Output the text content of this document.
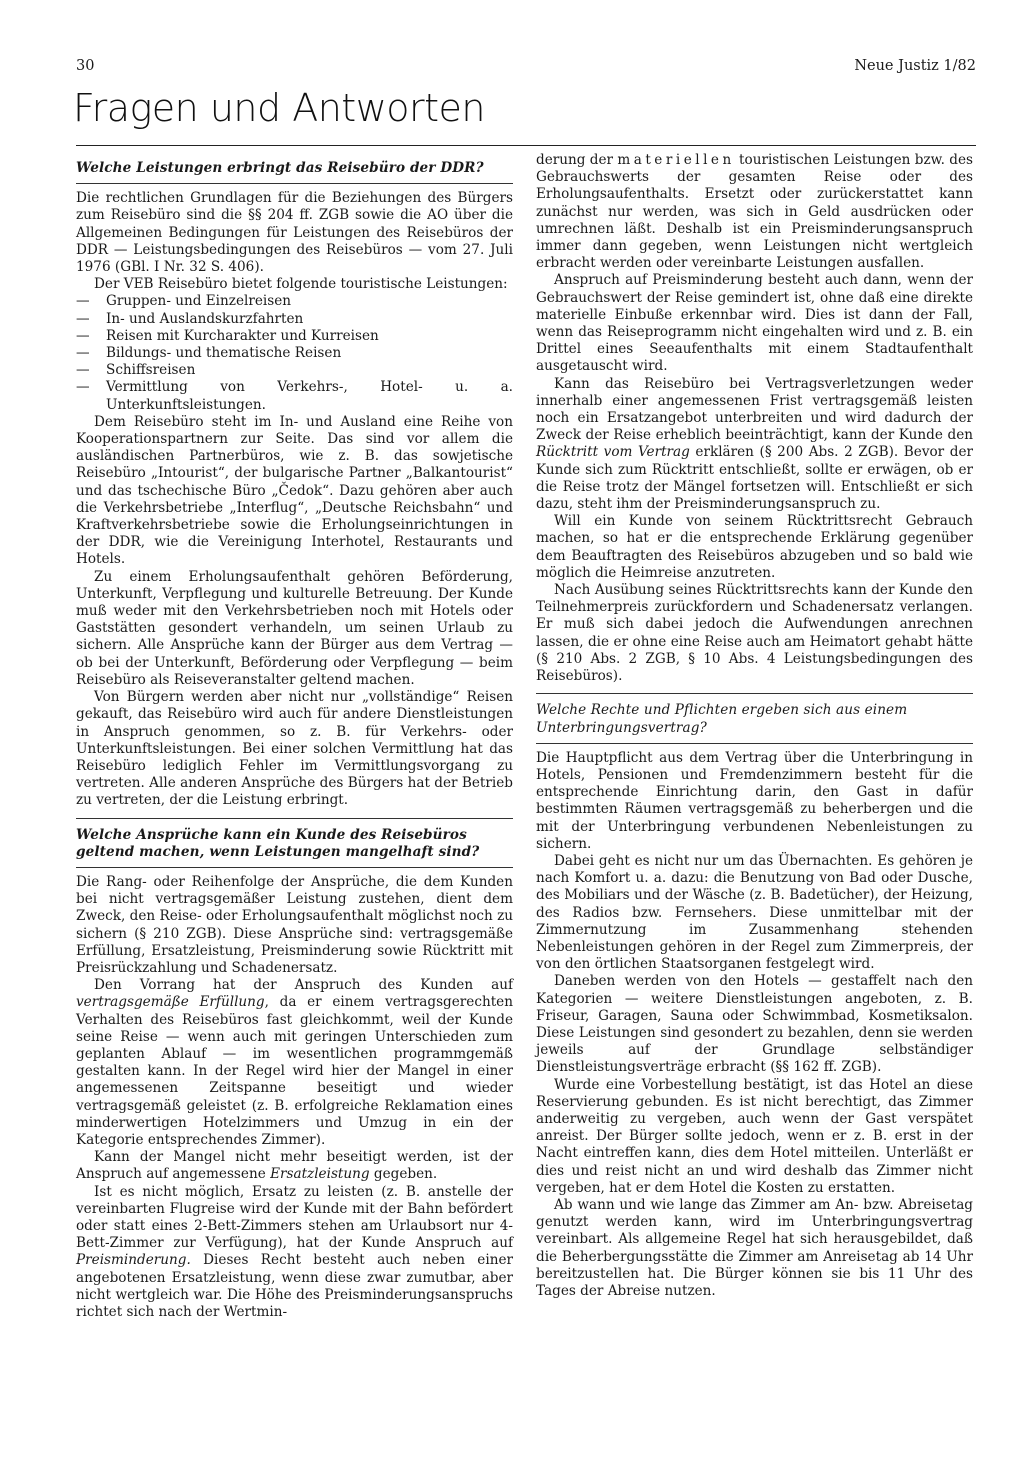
30	Neue Justiz 1/82
Fragen und Antworten
Welche Leistungen erbringt das Reisebüro der DDR?

Die rechtlichen Grundlagen für die Beziehungen des Bürgers zum Reisebüro sind die §§ 204 ff. ZGB sowie die AO über die Allgemeinen Bedingungen für Leistungen des Reisebüros der DDR — Leistungsbedingungen des Reisebüros — vom 27. Juli 1976 (GBl. I Nr. 32 S. 406).

Der VEB Reisebüro bietet folgende touristische Leistungen:

— Gruppen- und Einzelreisen
— In- und Auslandskurzfahrten
— Reisen mit Kurcharakter und Kurreisen
— Bildungs- und thematische Reisen
— Schiffsreisen
— Vermittlung von Verkehrs-, Hotel- u. a. Unterkunftsleistungen.

Dem Reisebüro steht im In- und Ausland eine Reihe von Kooperationspartnern zur Seite. Das sind vor allem die ausländischen Partnerbüros, wie z. B. das sowjetische Reisebüro „Intourist“, der bulgarische Partner „Balkantourist“ und das tschechische Büro „Čedok“. Dazu gehören aber auch die Verkehrsbetriebe „Interflug“, „Deutsche Reichsbahn“ und Kraftverkehrsbetriebe sowie die Erholungseinrichtungen in der DDR, wie die Vereinigung Interhotel, Restaurants und Hotels.

Zu einem Erholungsaufenthalt gehören Beförderung, Unterkunft, Verpflegung und kulturelle Betreuung. Der Kunde muß weder mit den Verkehrsbetrieben noch mit Hotels oder Gaststätten gesondert verhandeln, um seinen Urlaub zu sichern. Alle Ansprüche kann der Bürger aus dem Vertrag — ob bei der Unterkunft, Beförderung oder Verpflegung — beim Reisebüro als Reiseveranstalter geltend machen.

Von Bürgern werden aber nicht nur „vollständige“ Reisen gekauft, das Reisebüro wird auch für andere Dienstleistungen in Anspruch genommen, so z. B. für Verkehrs- oder Unterkunftsleistungen. Bei einer solchen Vermittlung hat das Reisebüro lediglich Fehler im Vermittlungsvorgang zu vertreten. Alle anderen Ansprüche des Bürgers hat der Betrieb zu vertreten, der die Leistung erbringt.

Welche Ansprüche kann ein Kunde des Reisebüros geltend machen, wenn Leistungen mangelhaft sind?

Die Rang- oder Reihenfolge der Ansprüche, die dem Kunden bei nicht vertragsgemäßer Leistung zustehen, dient dem Zweck, den Reise- oder Erholungsaufenthalt möglichst noch zu sichern (§ 210 ZGB). Diese Ansprüche sind: vertragsgemäße Erfüllung, Ersatzleistung, Preisminderung sowie Rücktritt mit Preisrückzahlung und Schadenersatz.

Den Vorrang hat der Anspruch des Kunden auf vertragsgemäße Erfüllung, da er einem vertragsgerechten Verhalten des Reisebüros fast gleichkommt, weil der Kunde seine Reise — wenn auch mit geringen Unterschieden zum geplanten Ablauf — im wesentlichen programmgemäß gestalten kann. In der Regel wird hier der Mangel in einer angemessenen Zeitspanne beseitigt und wieder vertragsgemäß geleistet (z. B. erfolgreiche Reklamation eines minderwertigen Hotelzimmers und Umzug in ein der Kategorie entsprechendes Zimmer).

Kann der Mangel nicht mehr beseitigt werden, ist der Anspruch auf angemessene Ersatzleistung gegeben.

Ist es nicht möglich, Ersatz zu leisten (z. B. anstelle der vereinbarten Flugreise wird der Kunde mit der Bahn befördert oder statt eines 2-Bett-Zimmers stehen am Urlaubsort nur 4-Bett-Zimmer zur Verfügung), hat der Kunde Anspruch auf Preisminderung. Dieses Recht besteht auch neben einer angebotenen Ersatzleistung, wenn diese zwar zumutbar, aber nicht wertgleich war. Die Höhe des Preisminderungsanspruchs richtet sich nach der Wertmin-

derung der materiellen touristischen Leistungen bzw. des Gebrauchswerts der gesamten Reise oder des Erholungsaufenthalts. Ersetzt oder zurückerstattet kann zunächst nur werden, was sich in Geld ausdrücken oder umrechnen läßt. Deshalb ist ein Preisminderungsanspruch immer dann gegeben, wenn Leistungen nicht wertgleich erbracht werden oder vereinbarte Leistungen ausfallen.

Anspruch auf Preisminderung besteht auch dann, wenn der Gebrauchswert der Reise gemindert ist, ohne daß eine direkte materielle Einbuße erkennbar wird. Dies ist dann der Fall, wenn das Reiseprogramm nicht eingehalten wird und z. B. ein Drittel eines Seeaufenthalts mit einem Stadtaufenthalt ausgetauscht wird.

Kann das Reisebüro bei Vertragsverletzungen weder innerhalb einer angemessenen Frist vertragsgemäß leisten noch ein Ersatzangebot unterbreiten und wird dadurch der Zweck der Reise erheblich beeinträchtigt, kann der Kunde den Rücktritt vom Vertrag erklären (§ 200 Abs. 2 ZGB). Bevor der Kunde sich zum Rücktritt entschließt, sollte er erwägen, ob er die Reise trotz der Mängel fortsetzen will. Entschließt er sich dazu, steht ihm der Preisminderungsanspruch zu.

Will ein Kunde von seinem Rücktrittsrecht Gebrauch machen, so hat er die entsprechende Erklärung gegenüber dem Beauftragten des Reisebüros abzugeben und so bald wie möglich die Heimreise anzutreten.

Nach Ausübung seines Rücktrittsrechts kann der Kunde den Teilnehmerpreis zurückfordern und Schadenersatz verlangen. Er muß sich dabei jedoch die Aufwendungen anrechnen lassen, die er ohne eine Reise auch am Heimatort gehabt hätte (§ 210 Abs. 2 ZGB, § 10 Abs. 4 Leistungsbedingungen des Reisebüros).

Welche Rechte und Pflichten ergeben sich aus einem Unterbringungsvertrag?

Die Hauptpflicht aus dem Vertrag über die Unterbringung in Hotels, Pensionen und Fremdenzimmern besteht für die entsprechende Einrichtung darin, den Gast in dafür bestimmten Räumen vertragsgemäß zu beherbergen und die mit der Unterbringung verbundenen Nebenleistungen zu sichern.

Dabei geht es nicht nur um das Übernachten. Es gehören je nach Komfort u. a. dazu: die Benutzung von Bad oder Dusche, des Mobiliars und der Wäsche (z. B. Badetücher), der Heizung, des Radios bzw. Fernsehers. Diese unmittelbar mit der Zimmernutzung im Zusammenhang stehenden Nebenleistungen gehören in der Regel zum Zimmerpreis, der von den örtlichen Staatsorganen festgelegt wird.

Daneben werden von den Hotels — gestaffelt nach den Kategorien — weitere Dienstleistungen angeboten, z. B. Friseur, Garagen, Sauna oder Schwimmbad, Kosmetiksalon. Diese Leistungen sind gesondert zu bezahlen, denn sie werden jeweils auf der Grundlage selbständiger Dienstleistungsverträge erbracht (§§ 162 ff. ZGB).

Wurde eine Vorbestellung bestätigt, ist das Hotel an diese Reservierung gebunden. Es ist nicht berechtigt, das Zimmer anderweitig zu vergeben, auch wenn der Gast verspätet anreist. Der Bürger sollte jedoch, wenn er z. B. erst in der Nacht eintreffen kann, dies dem Hotel mitteilen. Unterläßt er dies und reist nicht an und wird deshalb das Zimmer nicht vergeben, hat er dem Hotel die Kosten zu erstatten.

Ab wann und wie lange das Zimmer am An- bzw. Abreisetag genutzt werden kann, wird im Unterbringungsvertrag vereinbart. Als allgemeine Regel hat sich herausgebildet, daß die Beherbergungsstätte die Zimmer am Anreisetag ab 14 Uhr bereitzustellen hat. Die Bürger können sie bis 11 Uhr des Tages der Abreise nutzen.
